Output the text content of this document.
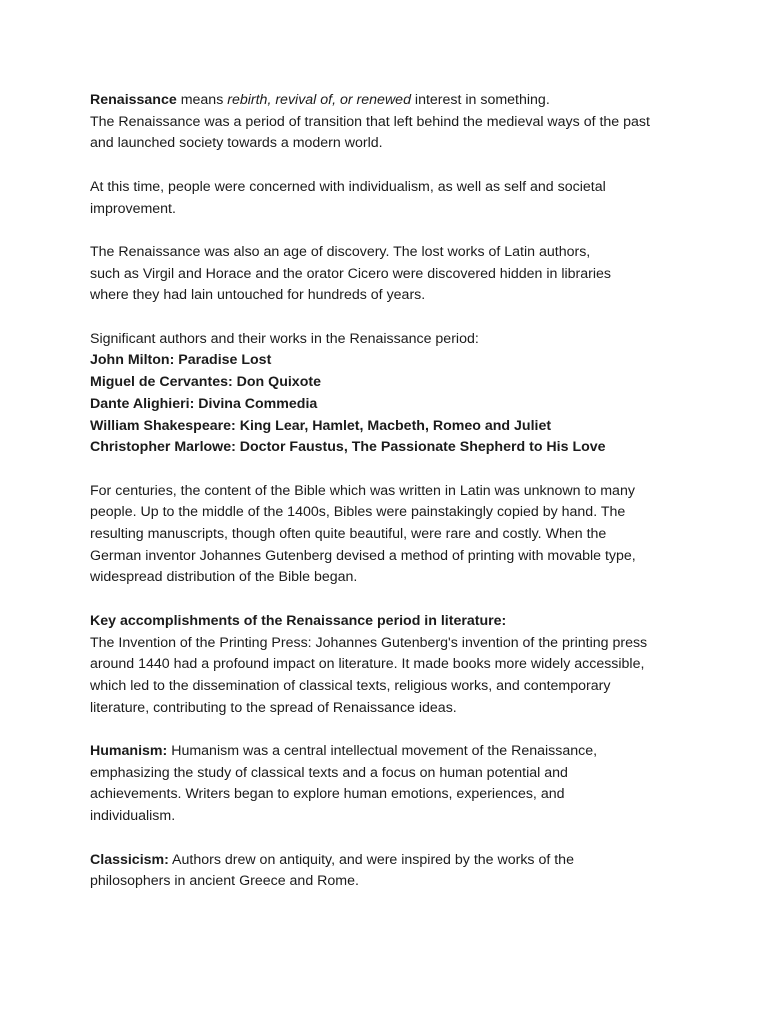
Renaissance means rebirth, revival of, or renewed interest in something.
The Renaissance was a period of transition that left behind the medieval ways of the past
and launched society towards a modern world.
At this time, people were concerned with individualism, as well as self and societal
improvement.
The Renaissance was also an age of discovery. The lost works of Latin authors,
such as Virgil and Horace and the orator Cicero were discovered hidden in libraries
where they had lain untouched for hundreds of years.
Significant authors and their works in the Renaissance period:
John Milton: Paradise Lost
Miguel de Cervantes: Don Quixote
Dante Alighieri: Divina Commedia
William Shakespeare: King Lear, Hamlet, Macbeth, Romeo and Juliet
Christopher Marlowe: Doctor Faustus, The Passionate Shepherd to His Love
For centuries, the content of the Bible which was written in Latin was unknown to many
people. Up to the middle of the 1400s, Bibles were painstakingly copied by hand. The
resulting manuscripts, though often quite beautiful, were rare and costly. When the
German inventor Johannes Gutenberg devised a method of printing with movable type,
widespread distribution of the Bible began.
Key accomplishments of the Renaissance period in literature:
The Invention of the Printing Press: Johannes Gutenberg's invention of the printing press
around 1440 had a profound impact on literature. It made books more widely accessible,
which led to the dissemination of classical texts, religious works, and contemporary
literature, contributing to the spread of Renaissance ideas.
Humanism: Humanism was a central intellectual movement of the Renaissance,
emphasizing the study of classical texts and a focus on human potential and
achievements. Writers began to explore human emotions, experiences, and
individualism.
Classicism: Authors drew on antiquity, and were inspired by the works of the
philosophers in ancient Greece and Rome.
